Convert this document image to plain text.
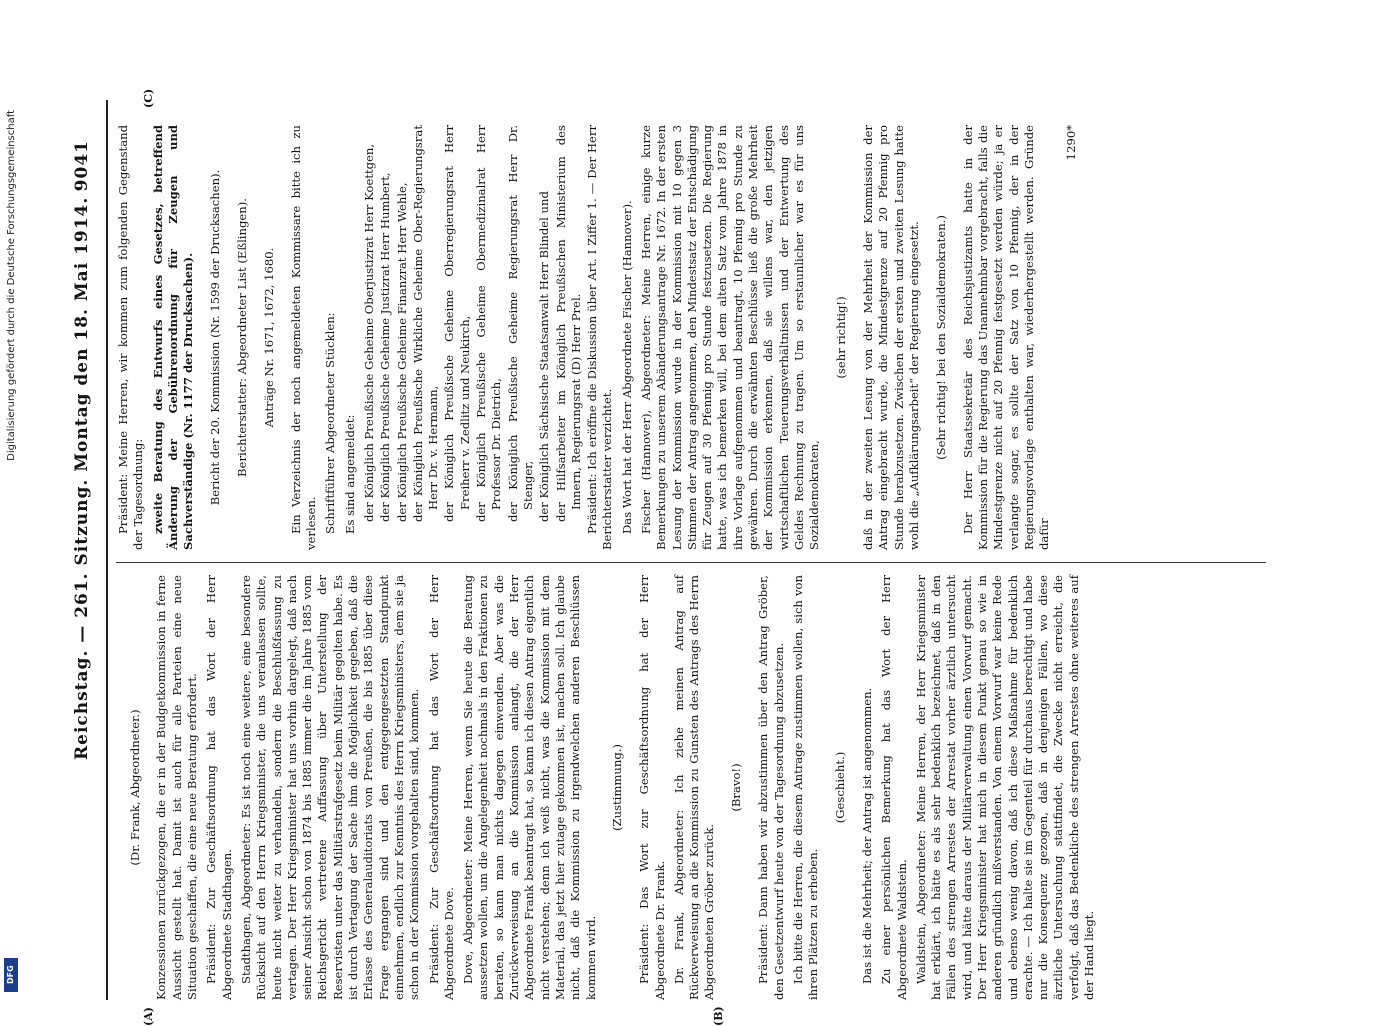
Reichstag. — 261. Sitzung. Montag den 18. Mai 1914.
9041
(A)	(B)
(C)

(Dr. Frank, Abgeordneter.) Konzessionen zurückgezogen, die er in der Budgetkommission in ferne Aussicht gestellt hat. Damit ist auch für alle Parteien eine neue Situation geschaffen, die eine neue Beratung erfordert. Präsident: Zur Geschäftsordnung hat das Wort der Herr Abgeordnete Stadthagen. Stadthagen, Abgeordneter: Es ist noch eine weitere, eine besondere Rücksicht auf den Herrn Kriegsminister, die uns veranlassen sollte, heute nicht weiter zu verhandeln, sondern die Beschlußfassung zu vertagen. Der Herr Kriegsminister hat uns vorhin dargelegt, daß nach seiner Ansicht schon von 1874 bis 1885 immer die im Jahre 1885 vom Reichsgericht vertretene Auffassung über Unterstellung der Reservisten unter das Militärstrafgesetz beim Militär gegolten habe. Es ist durch Vertagung der Sache ihm die Möglichkeit gegeben, daß die Erlasse des Generalauditoriats von Preußen, die bis 1885 über diese Frage ergangen sind und den entgegengesetzten Standpunkt einnehmen, endlich zur Kenntnis des Herrn Kriegsministers, dem sie ja schon in der Kommission vorgehalten sind, kommen. Präsident: Zur Geschäftsordnung hat das Wort der Herr Abgeordnete Dove. Dove, Abgeordneter: Meine Herren, wenn Sie heute die Beratung aussetzen wollen, um die Angelegenheit nochmals in den Fraktionen zu beraten, so kann man nichts dagegen einwenden. Aber was die Zurückverweisung an die Kommission anlangt, die der Herr Abgeordnete Frank beantragt hat, so kann ich diesen Antrag eigentlich nicht verstehen; denn ich weiß nicht, was die Kommission mit dem Material, das jetzt hier zutage gekommen ist, machen soll. Ich glaube nicht, daß die Kommission zu irgendwelchen anderen Beschlüssen kommen wird.

(Zustimmung.) Präsident: Das Wort zur Geschäftsordnung hat der Herr Abgeordnete Dr. Frank. Dr. Frank, Abgeordneter: Ich ziehe meinen Antrag auf Rückverweisung an die Kommission zu Gunsten des Antrags des Herrn Abgeordneten Gröber zurück.

(Bravo!) Präsident: Dann haben wir abzustimmen über den Antrag Gröber, den Gesetzentwurf heute von der Tagesordnung abzusetzen. Ich bitte die Herren, die diesem Antrage zustimmen wollen, sich von ihren Plätzen zu erheben.

(Geschieht.) Das ist die Mehrheit; der Antrag ist angenommen. Zu einer persönlichen Bemerkung hat das Wort der Herr Abgeordnete Waldstein. Waldstein, Abgeordneter: Meine Herren, der Herr Kriegsminister hat erklärt, ich hätte es als sehr bedenklich bezeichnet, daß in den Fällen des strengen Arrestes der Arrestat vorher ärztlich untersucht wird, und hätte daraus der Militärverwaltung einen Vorwurf gemacht. Der Herr Kriegsminister hat mich in diesem Punkt genau so wie in anderen gründlich mißverstanden. Von einem Vorwurf war keine Rede und ebenso wenig davon, daß ich diese Maßnahme für bedenklich erachte. — Ich halte sie im Gegenteil für durchaus berechtigt und habe nur die Konsequenz gezogen, daß in denjenigen Fällen, wo diese ärztliche Untersuchung stattfindet, die Zwecke nicht erreicht, die verfolgt, daß das Bedenkliche des strengen Arrestes ohne weiteres auf der Hand liegt.

Präsident: Meine Herren, wir kommen zum folgenden Gegenstand der Tagesordnung: zweite Beratung des Entwurfs eines Gesetzes, betreffend Änderung der Gebührenordnung für Zeugen und Sachverständige (Nr. 1177 der Drucksachen). Bericht der 20. Kommission (Nr. 1599 der Drucksachen). Berichterstatter: Abgeordneter List (Eßlingen). Anträge Nr. 1671, 1672, 1680. Ein Verzeichnis der noch angemeldeten Kommissare bitte ich zu verlesen. Schriftführer Abgeordneter Stücklen: Es sind angemeldet: der Königlich Preußische Geheime Oberjustizrat Herr Koettgen, der Königlich Preußische Geheime Justizrat Herr Humbert, der Königlich Preußische Geheime Finanzrat Herr Wehle, der Königlich Preußische Wirkliche Geheime Ober-Regierungsrat Herr Dr. v. Hermann, der Königlich Preußische Geheime Oberregierungsrat Herr Freiherr v. Zedlitz und Neukirch, der Königlich Preußische Geheime Obermedizinalrat Herr Professor Dr. Dietrich, der Königlich Preußische Geheime Regierungsrat Herr Dr. Stenger, der Königlich Sächsische Staatsanwalt Herr Blindel und der Hilfsarbeiter im Königlich Preußischen Ministerium des Innern, Regierungsrat (D) Herr Prel. Präsident: Ich eröffne die Diskussion über Art. I Ziffer 1. — Der Herr Berichterstatter verzichtet. Das Wort hat der Herr Abgeordnete Fischer (Hannover). Fischer (Hannover), Abgeordneter: Meine Herren, einige kurze Bemerkungen zu unserem Abänderungsantrage Nr. 1672. In der ersten Lesung der Kommission wurde in der Kommission mit 10 gegen 3 Stimmen der Antrag angenommen, den Mindestsatz der Entschädigung für Zeugen auf 30 Pfennig pro Stunde festzusetzen. Die Regierung hatte, was ich bemerken will, bei dem alten Satz vom Jahre 1878 in ihre Vorlage aufgenommen und beantragt, 10 Pfennig pro Stunde zu gewähren. Durch die erwähnten Beschlüsse ließ die große Mehrheit der Kommission erkennen, daß sie willens war, den jetzigen wirtschaftlichen Teuerungsverhältnissen und der Entwertung des Geldes Rechnung zu tragen. Um so erstaunlicher war es für uns Sozialdemokraten,

(sehr richtig!) daß in der zweiten Lesung von der Mehrheit der Kommission der Antrag eingebracht wurde, die Mindestgrenze auf 20 Pfennig pro Stunde herabzusetzen. Zwischen der ersten und zweiten Lesung hatte wohl die „Aufklärungsarbeit“ der Regierung eingesetzt. (Sehr richtig! bei den Sozialdemokraten.) Der Herr Staatssekretär des Reichsjustizamts hatte in der Kommission für die Regierung das Unannehmbar vorgebracht, falls die Mindestgrenze nicht auf 20 Pfennig festgesetzt werden würde; ja er verlangte sogar, es sollte der Satz von 10 Pfennig, der in der Regierungsvorlage enthalten war, wiederhergestellt werden. Gründe dafür

1290*

Digitalisierung gefördert durch die Deutsche Forschungsgemeinschaft
DFG
